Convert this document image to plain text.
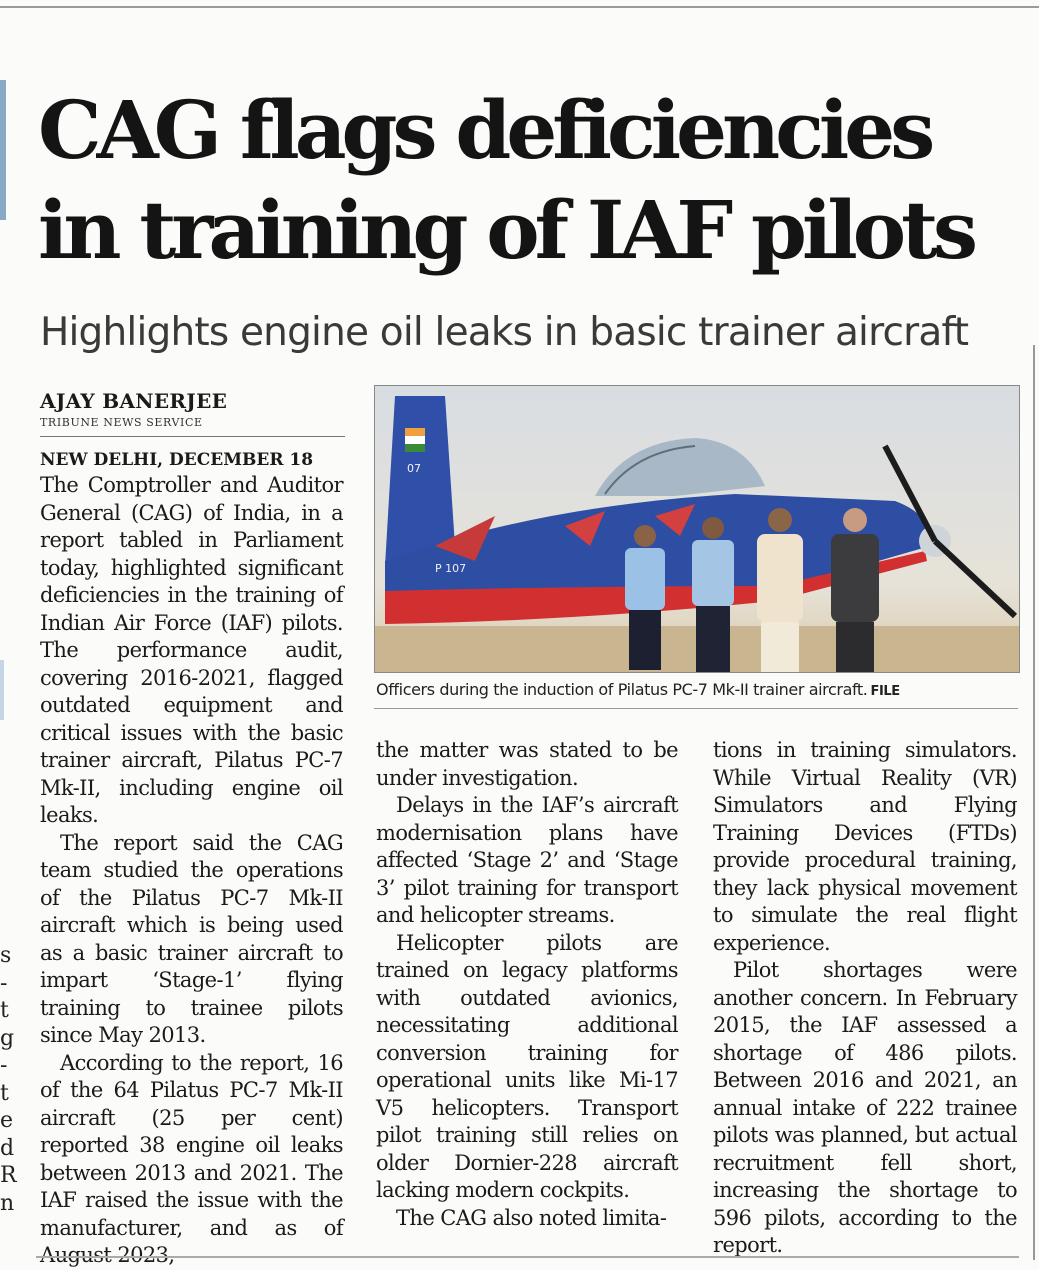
s
-
t
g
-
t
e
d
R
n
CAG flags deficiencies
in training of IAF pilots
Highlights engine oil leaks in basic trainer aircraft
AJAY BANERJEE
TRIBUNE NEWS SERVICE
NEW DELHI, DECEMBER 18

The Comptroller and Auditor General (CAG) of India, in a report tabled in Parliament today, highlighted significant deficiencies in the training of Indian Air Force (IAF) pilots. The performance audit, covering 2016-2021, flagged outdated equipment and critical issues with the basic trainer aircraft, Pilatus PC-7 Mk-II, including engine oil leaks.

The report said the CAG team studied the operations of the Pilatus PC-7 Mk-II aircraft which is being used as a basic trainer aircraft to impart ‘Stage-1’ flying training to trainee pilots since May 2013.

According to the report, 16 of the 64 Pilatus PC-7 Mk-II aircraft (25 per cent) reported 38 engine oil leaks between 2013 and 2021. The IAF raised the issue with the manufacturer, and as of August 2023,

07
P 107
Officers during the induction of Pilatus PC-7 Mk-II trainer aircraft. FILE

the matter was stated to be under investigation.

Delays in the IAF’s aircraft modernisation plans have affected ‘Stage 2’ and ‘Stage 3’ pilot training for transport and helicopter streams.

Helicopter pilots are trained on legacy platforms with outdated avionics, necessitating additional conversion training for operational units like Mi-17 V5 helicopters. Transport pilot training still relies on older Dornier-228 aircraft lacking modern cockpits.

The CAG also noted limita-

tions in training simulators. While Virtual Reality (VR) Simulators and Flying Training Devices (FTDs) provide procedural training, they lack physical movement to simulate the real flight experience.

Pilot shortages were another concern. In February 2015, the IAF assessed a shortage of 486 pilots. Between 2016 and 2021, an annual intake of 222 trainee pilots was planned, but actual recruitment fell short, increasing the shortage to 596 pilots, according to the report.
